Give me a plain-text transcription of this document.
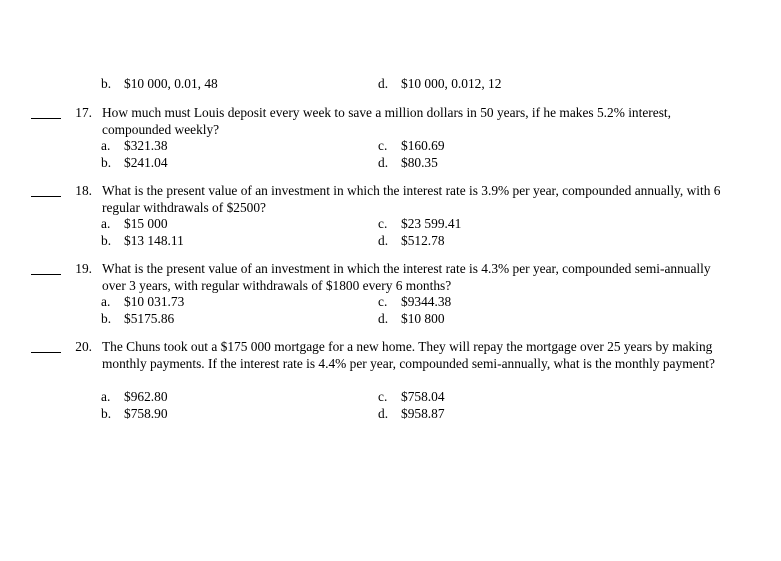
b. $10 000, 0.01, 48	d. $10 000, 0.012, 12
17. How much must Louis deposit every week to save a million dollars in 50 years, if he makes 5.2% interest, compounded weekly?
a. $321.38	c. $160.69
b. $241.04	d. $80.35
18. What is the present value of an investment in which the interest rate is 3.9% per year, compounded annually, with 6 regular withdrawals of $2500?
a. $15 000	c. $23 599.41
b. $13 148.11	d. $512.78
19. What is the present value of an investment in which the interest rate is 4.3% per year, compounded semi-annually over 3 years, with regular withdrawals of $1800 every 6 months?
a. $10 031.73	c. $9344.38
b. $5175.86	d. $10 800
20. The Chuns took out a $175 000 mortgage for a new home. They will repay the mortgage over 25 years by making monthly payments. If the interest rate is 4.4% per year, compounded semi-annually, what is the monthly payment?
a. $962.80	c. $758.04
b. $758.90	d. $958.87
